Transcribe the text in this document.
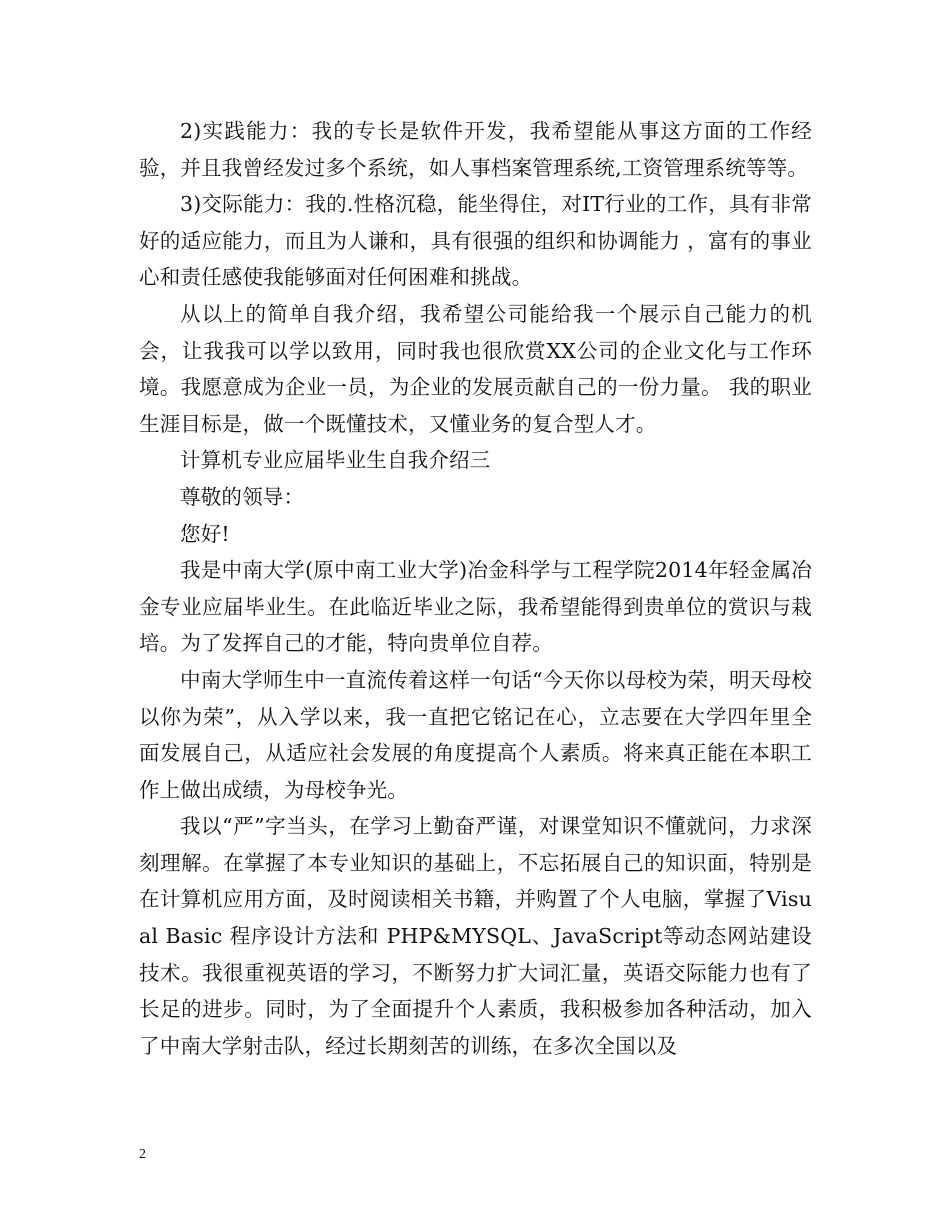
2)实践能力：我的专长是软件开发，我希望能从事这方面的工作经验，并且我曾经发过多个系统，如人事档案管理系统,工资管理系统等等。

3)交际能力：我的.性格沉稳，能坐得住，对IT行业的工作，具有非常好的适应能力，而且为人谦和，具有很强的组织和协调能力 ，富有的事业心和责任感使我能够面对任何困难和挑战。

从以上的简单自我介绍，我希望公司能给我一个展示自己能力的机会，让我我可以学以致用，同时我也很欣赏XX公司的企业文化与工作环境。我愿意成为企业一员，为企业的发展贡献自己的一份力量。 我的职业生涯目标是，做一个既懂技术，又懂业务的复合型人才。

计算机专业应届毕业生自我介绍三

尊敬的领导：

您好!

我是中南大学(原中南工业大学)冶金科学与工程学院2014年轻金属冶金专业应届毕业生。在此临近毕业之际，我希望能得到贵单位的赏识与栽培。为了发挥自己的才能，特向贵单位自荐。

中南大学师生中一直流传着这样一句话“今天你以母校为荣，明天母校以你为荣”，从入学以来，我一直把它铭记在心，立志要在大学四年里全面发展自己，从适应社会发展的角度提高个人素质。将来真正能在本职工作上做出成绩，为母校争光。

我以“严”字当头，在学习上勤奋严谨，对课堂知识不懂就问，力求深刻理解。在掌握了本专业知识的基础上，不忘拓展自己的知识面，特别是在计算机应用方面，及时阅读相关书籍，并购置了个人电脑，掌握了Visual Basic 程序设计方法和 PHP&MYSQL、JavaScript等动态网站建设技术。我很重视英语的学习，不断努力扩大词汇量，英语交际能力也有了长足的进步。同时，为了全面提升个人素质，我积极参加各种活动，加入了中南大学射击队，经过长期刻苦的训练，在多次全国以及

2
